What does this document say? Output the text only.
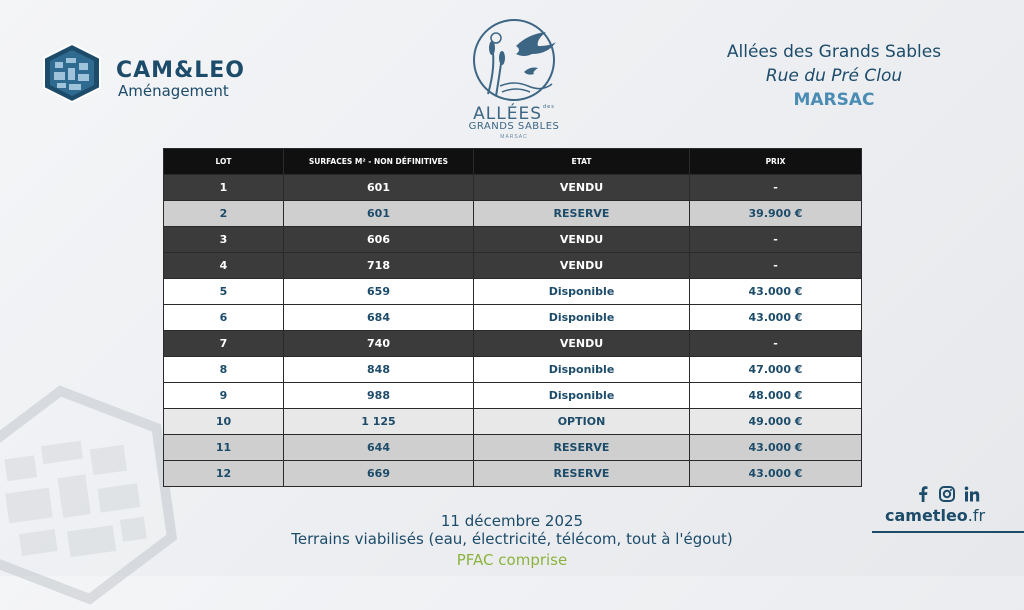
CAM&LEO
Aménagement
$ALLÉES^{des}$
GRANDS SABLES
MARSAC
Allées des Grands Sables
Rue du Pré Clou
MARSAC
LOT	SURFACES M² - NON DÉFINITIVES	ETAT	PRIX
1	601	VENDU	-
2	601	RESERVE	39.900 €
3	606	VENDU	-
4	718	VENDU	-
5	659	Disponible	43.000 €
6	684	Disponible	43.000 €
7	740	VENDU	-
8	848	Disponible	47.000 €
9	988	Disponible	48.000 €
10	1 125	OPTION	49.000 €
11	644	RESERVE	43.000 €
12	669	RESERVE	43.000 €
11 décembre 2025
Terrains viabilisés (eau, électricité, télécom, tout à l'égout)
PFAC comprise
cametleo.fr
